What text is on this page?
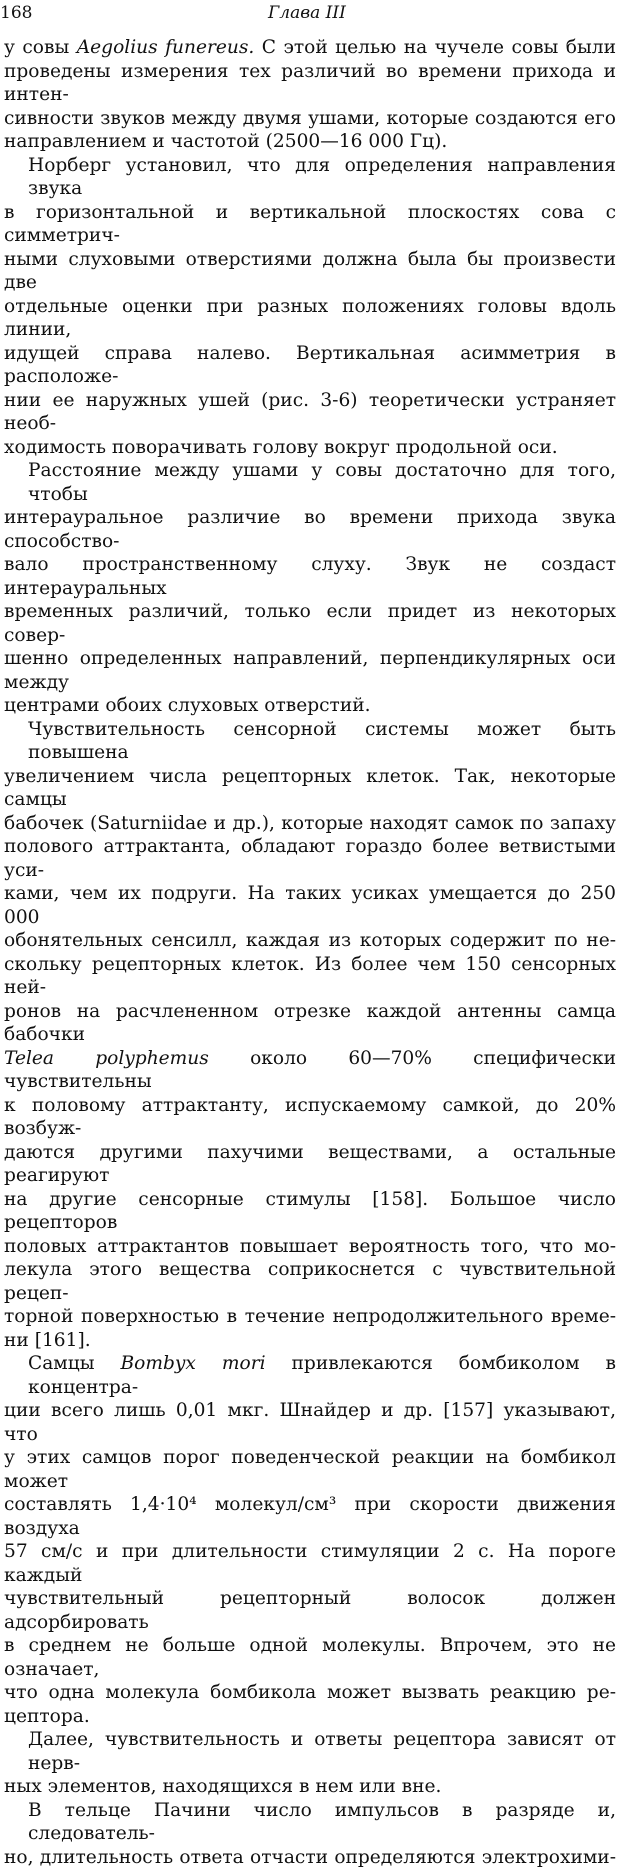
168	Глава III
у совы Aegolius funereus. С этой целью на чучеле совы были
проведены измерения тех различий во времени прихода и интен-
сивности звуков между двумя ушами, которые создаются его
направлением и частотой (2500—16 000 Гц).
Норберг установил, что для определения направления звука
в горизонтальной и вертикальной плоскостях сова с симметрич-
ными слуховыми отверстиями должна была бы произвести две
отдельные оценки при разных положениях головы вдоль линии,
идущей справа налево. Вертикальная асимметрия в расположе-
нии ее наружных ушей (рис. 3-6) теоретически устраняет необ-
ходимость поворачивать голову вокруг продольной оси.
Расстояние между ушами у совы достаточно для того, чтобы
интерауральное различие во времени прихода звука способство-
вало пространственному слуху. Звук не создаст интерауральных
временных различий, только если придет из некоторых совер-
шенно определенных направлений, перпендикулярных оси между
центрами обоих слуховых отверстий.
Чувствительность сенсорной системы может быть повышена
увеличением числа рецепторных клеток. Так, некоторые самцы
бабочек (Saturniidae и др.), которые находят самок по запаху
полового аттрактанта, обладают гораздо более ветвистыми уси-
ками, чем их подруги. На таких усиках умещается до 250 000
обонятельных сенсилл, каждая из которых содержит по не-
скольку рецепторных клеток. Из более чем 150 сенсорных ней-
ронов на расчлененном отрезке каждой антенны самца бабочки
Telea polyphemus около 60—70% специфически чувствительны
к половому аттрактанту, испускаемому самкой, до 20% возбуж-
даются другими пахучими веществами, а остальные реагируют
на другие сенсорные стимулы [158]. Большое число рецепторов
половых аттрактантов повышает вероятность того, что мо-
лекула этого вещества соприкоснется с чувствительной рецеп-
торной поверхностью в течение непродолжительного време-
ни [161].
Самцы Bombyx mori привлекаются бомбиколом в концентра-
ции всего лишь 0,01 мкг. Шнайдер и др. [157] указывают, что
у этих самцов порог поведенческой реакции на бомбикол может
составлять 1,4·10⁴ молекул/см³ при скорости движения воздуха
57 см/с и при длительности стимуляции 2 с. На пороге каждый
чувствительный рецепторный волосок должен адсорбировать
в среднем не больше одной молекулы. Впрочем, это не означает,
что одна молекула бомбикола может вызвать реакцию ре-
цептора.
Далее, чувствительность и ответы рецептора зависят от нерв-
ных элементов, находящихся в нем или вне.
В тельце Пачини число импульсов в разряде и, следователь-
но, длительность ответа отчасти определяются электрохими-
